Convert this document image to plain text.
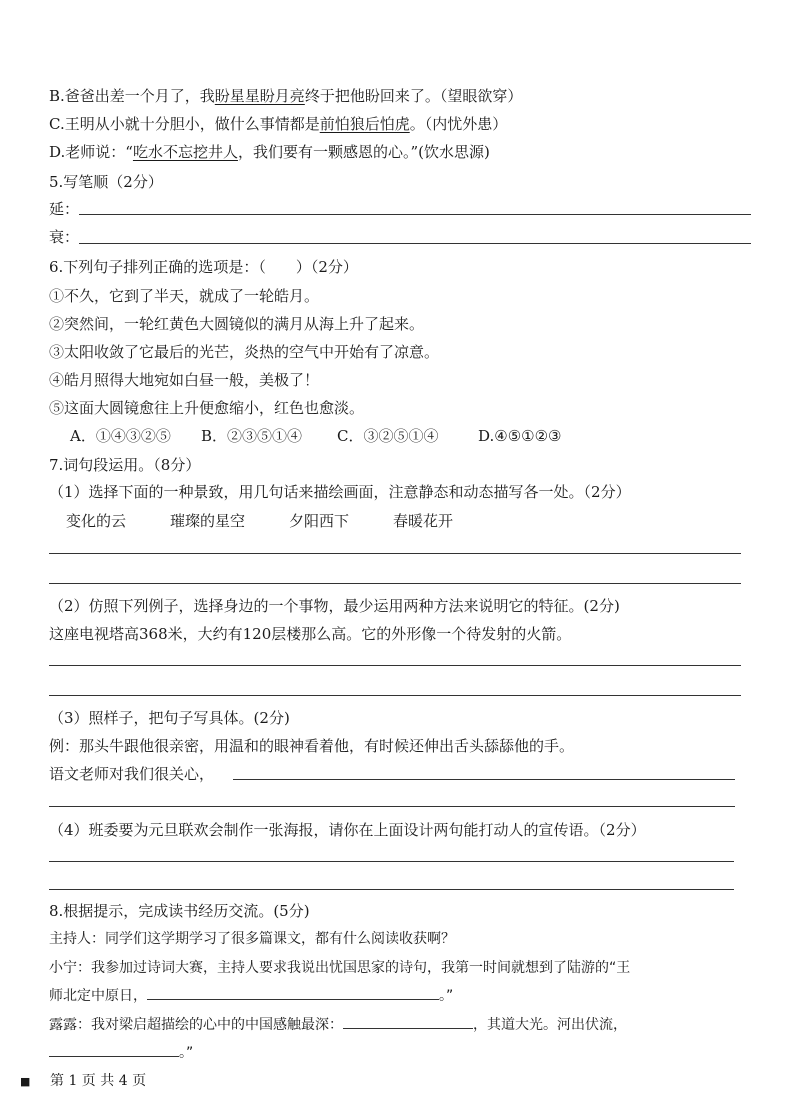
B.爸爸出差一个月了，我盼星星盼月亮终于把他盼回来了。（望眼欲穿）
C.王明从小就十分胆小，做什么事情都是前怕狼后怕虎。（内忧外患）
D.老师说：“吃水不忘挖井人，我们要有一颗感恩的心。”(饮水思源)
5.写笔顺（2分）
延：
衰：
6.下列句子排列正确的选项是：（　　）（2分）
①不久，它到了半天，就成了一轮皓月。
②突然间，一轮红黄色大圆镜似的满月从海上升了起来。
③太阳收敛了它最后的光芒，炎热的空气中开始有了凉意。
④皓月照得大地宛如白昼一般，美极了！
⑤这面大圆镜愈往上升便愈缩小，红色也愈淡。
A．①④③②⑤ B．②③⑤①④ C．③②⑤①④	D.④⑤①②③
7.词句段运用。（8分）
（1）选择下面的一种景致，用几句话来描绘画面，注意静态和动态描写各一处。（2分）
变化的云	璀璨的星空	夕阳西下	春暖花开
（2）仿照下列例子，选择身边的一个事物，最少运用两种方法来说明它的特征。(2分)
这座电视塔高368米，大约有120层楼那么高。它的外形像一个待发射的火箭。
（3）照样子，把句子写具体。(2分)
例：那头牛跟他很亲密，用温和的眼神看着他，有时候还伸出舌头舔舔他的手。
语文老师对我们很关心，
（4）班委要为元旦联欢会制作一张海报，请你在上面设计两句能打动人的宣传语。（2分）
8.根据提示，完成读书经历交流。(5分)
主持人：同学们这学期学习了很多篇课文，都有什么阅读收获啊？
小宁：我参加过诗词大赛，主持人要求我说出忧国思家的诗句，我第一时间就想到了陆游的“王
师北定中原日，	。”
露露：我对梁启超描绘的心中的中国感触最深：	，其道大光。河出伏流，
。”
■ 第 1 页 共 4 页
